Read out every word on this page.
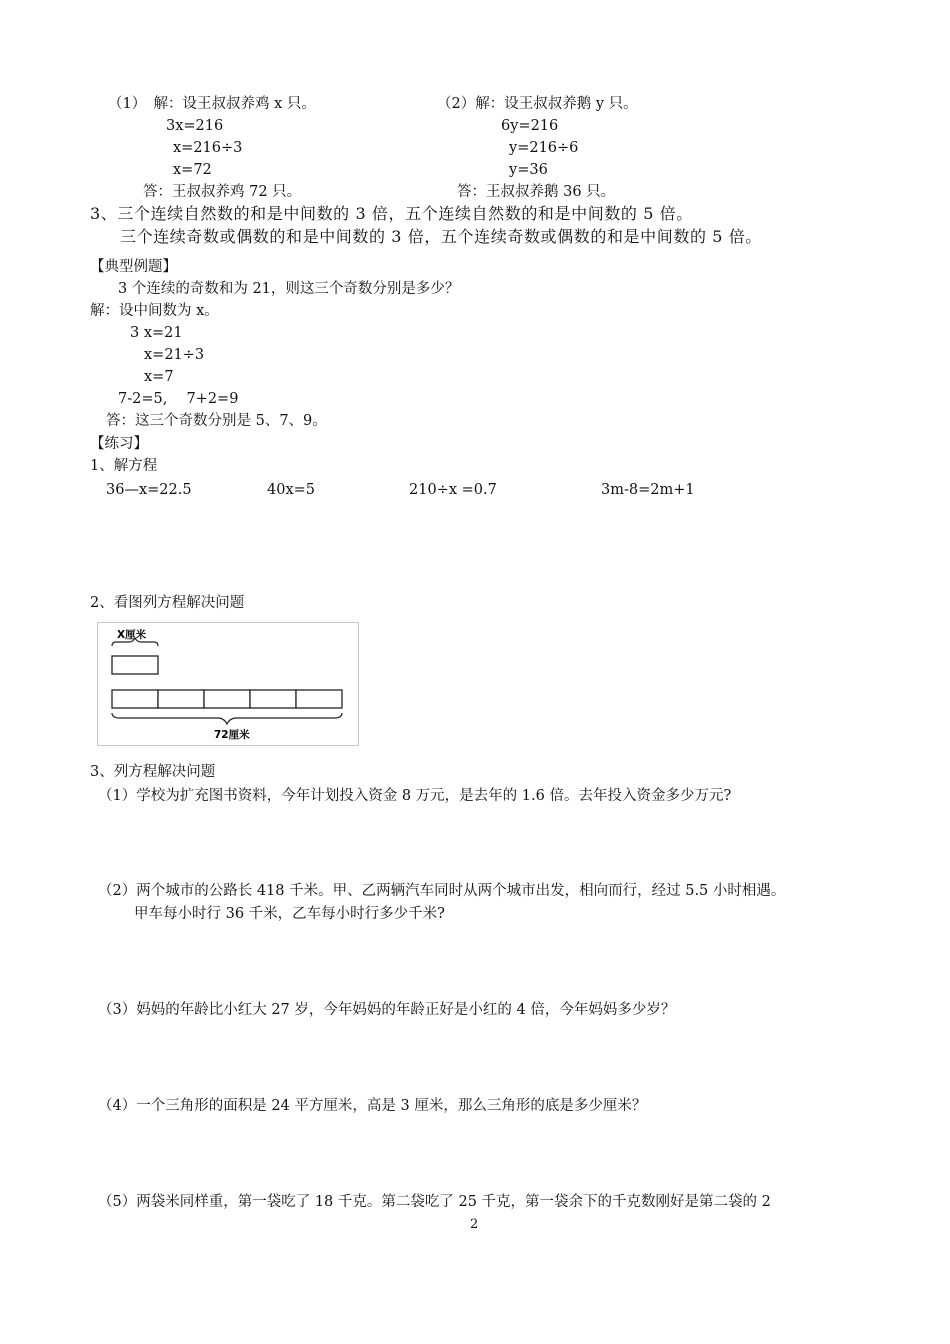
（1）　解：设王叔叔养鸡 x 只。
3x=216
x=216÷3
x=72
答：王叔叔养鸡 72 只。
（2）解：设王叔叔养鹅 y 只。
6y=216
y=216÷6
y=36
答：王叔叔养鹅 36 只。
3、三个连续自然数的和是中间数的 3 倍，五个连续自然数的和是中间数的 5 倍。
三个连续奇数或偶数的和是中间数的 3 倍，五个连续奇数或偶数的和是中间数的 5 倍。
【典型例题】
3 个连续的奇数和为 21，则这三个奇数分别是多少？
解：设中间数为 x。
3 x=21
x=21÷3
x=7
7-2=5,　 7+2=9
答：这三个奇数分别是 5、7、9。
【练习】
1、解方程
36—x=22.5	40x=5	210÷x =0.7	3m-8=2m+1
2、看图列方程解决问题
X厘米
72厘米
3、列方程解决问题
（1）学校为扩充图书资料，今年计划投入资金 8 万元，是去年的 1.6 倍。去年投入资金多少万元?
（2）两个城市的公路长 418 千米。甲、乙两辆汽车同时从两个城市出发，相向而行，经过 5.5 小时相遇。
甲车每小时行 36 千米，乙车每小时行多少千米?
（3）妈妈的年龄比小红大 27 岁，今年妈妈的年龄正好是小红的 4 倍，今年妈妈多少岁？
（4）一个三角形的面积是 24 平方厘米，高是 3 厘米，那么三角形的底是多少厘米？
（5）两袋米同样重，第一袋吃了 18 千克。第二袋吃了 25 千克，第一袋余下的千克数刚好是第二袋的 2
2
